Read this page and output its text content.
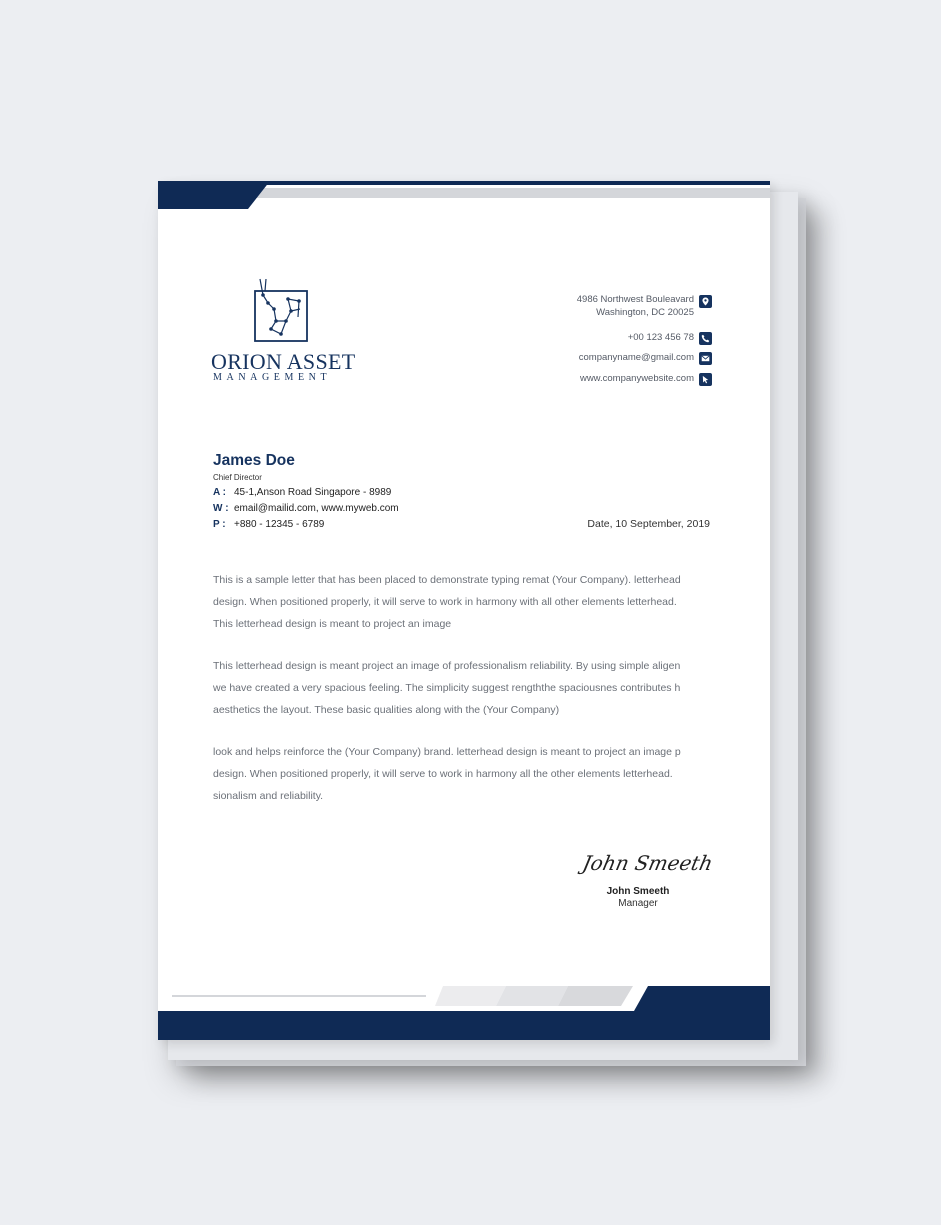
ORION ASSET
MANAGEMENT
4986 Northwest Bouleavard
Washington, DC 20025
+00 123 456 78
companyname@gmail.com
www.companywebsite.com
James Doe
Chief Director
A : 45-1,Anson Road Singapore - 8989
W : email@mailid.com, www.myweb.com
P : +880 - 12345 - 6789	Date, 10 September, 2019
This is a sample letter that has been placed to demonstrate typing remat (Your Company). letterhead
design. When positioned properly, it will serve to work in harmony with all other elements letterhead.
This letterhead design is meant to project an image
This letterhead design is meant project an image of professionalism reliability. By using simple aligen
we have created a very spacious feeling. The simplicity suggest rengththe spaciousnes contributes h
aesthetics the layout. These basic qualities along with the (Your Company)
look and helps reinforce the (Your Company) brand. letterhead design is meant to project an image p
design. When positioned properly, it will serve to work in harmony all the other elements letterhead.
sionalism and reliability.
John Smeeth
John Smeeth
Manager
